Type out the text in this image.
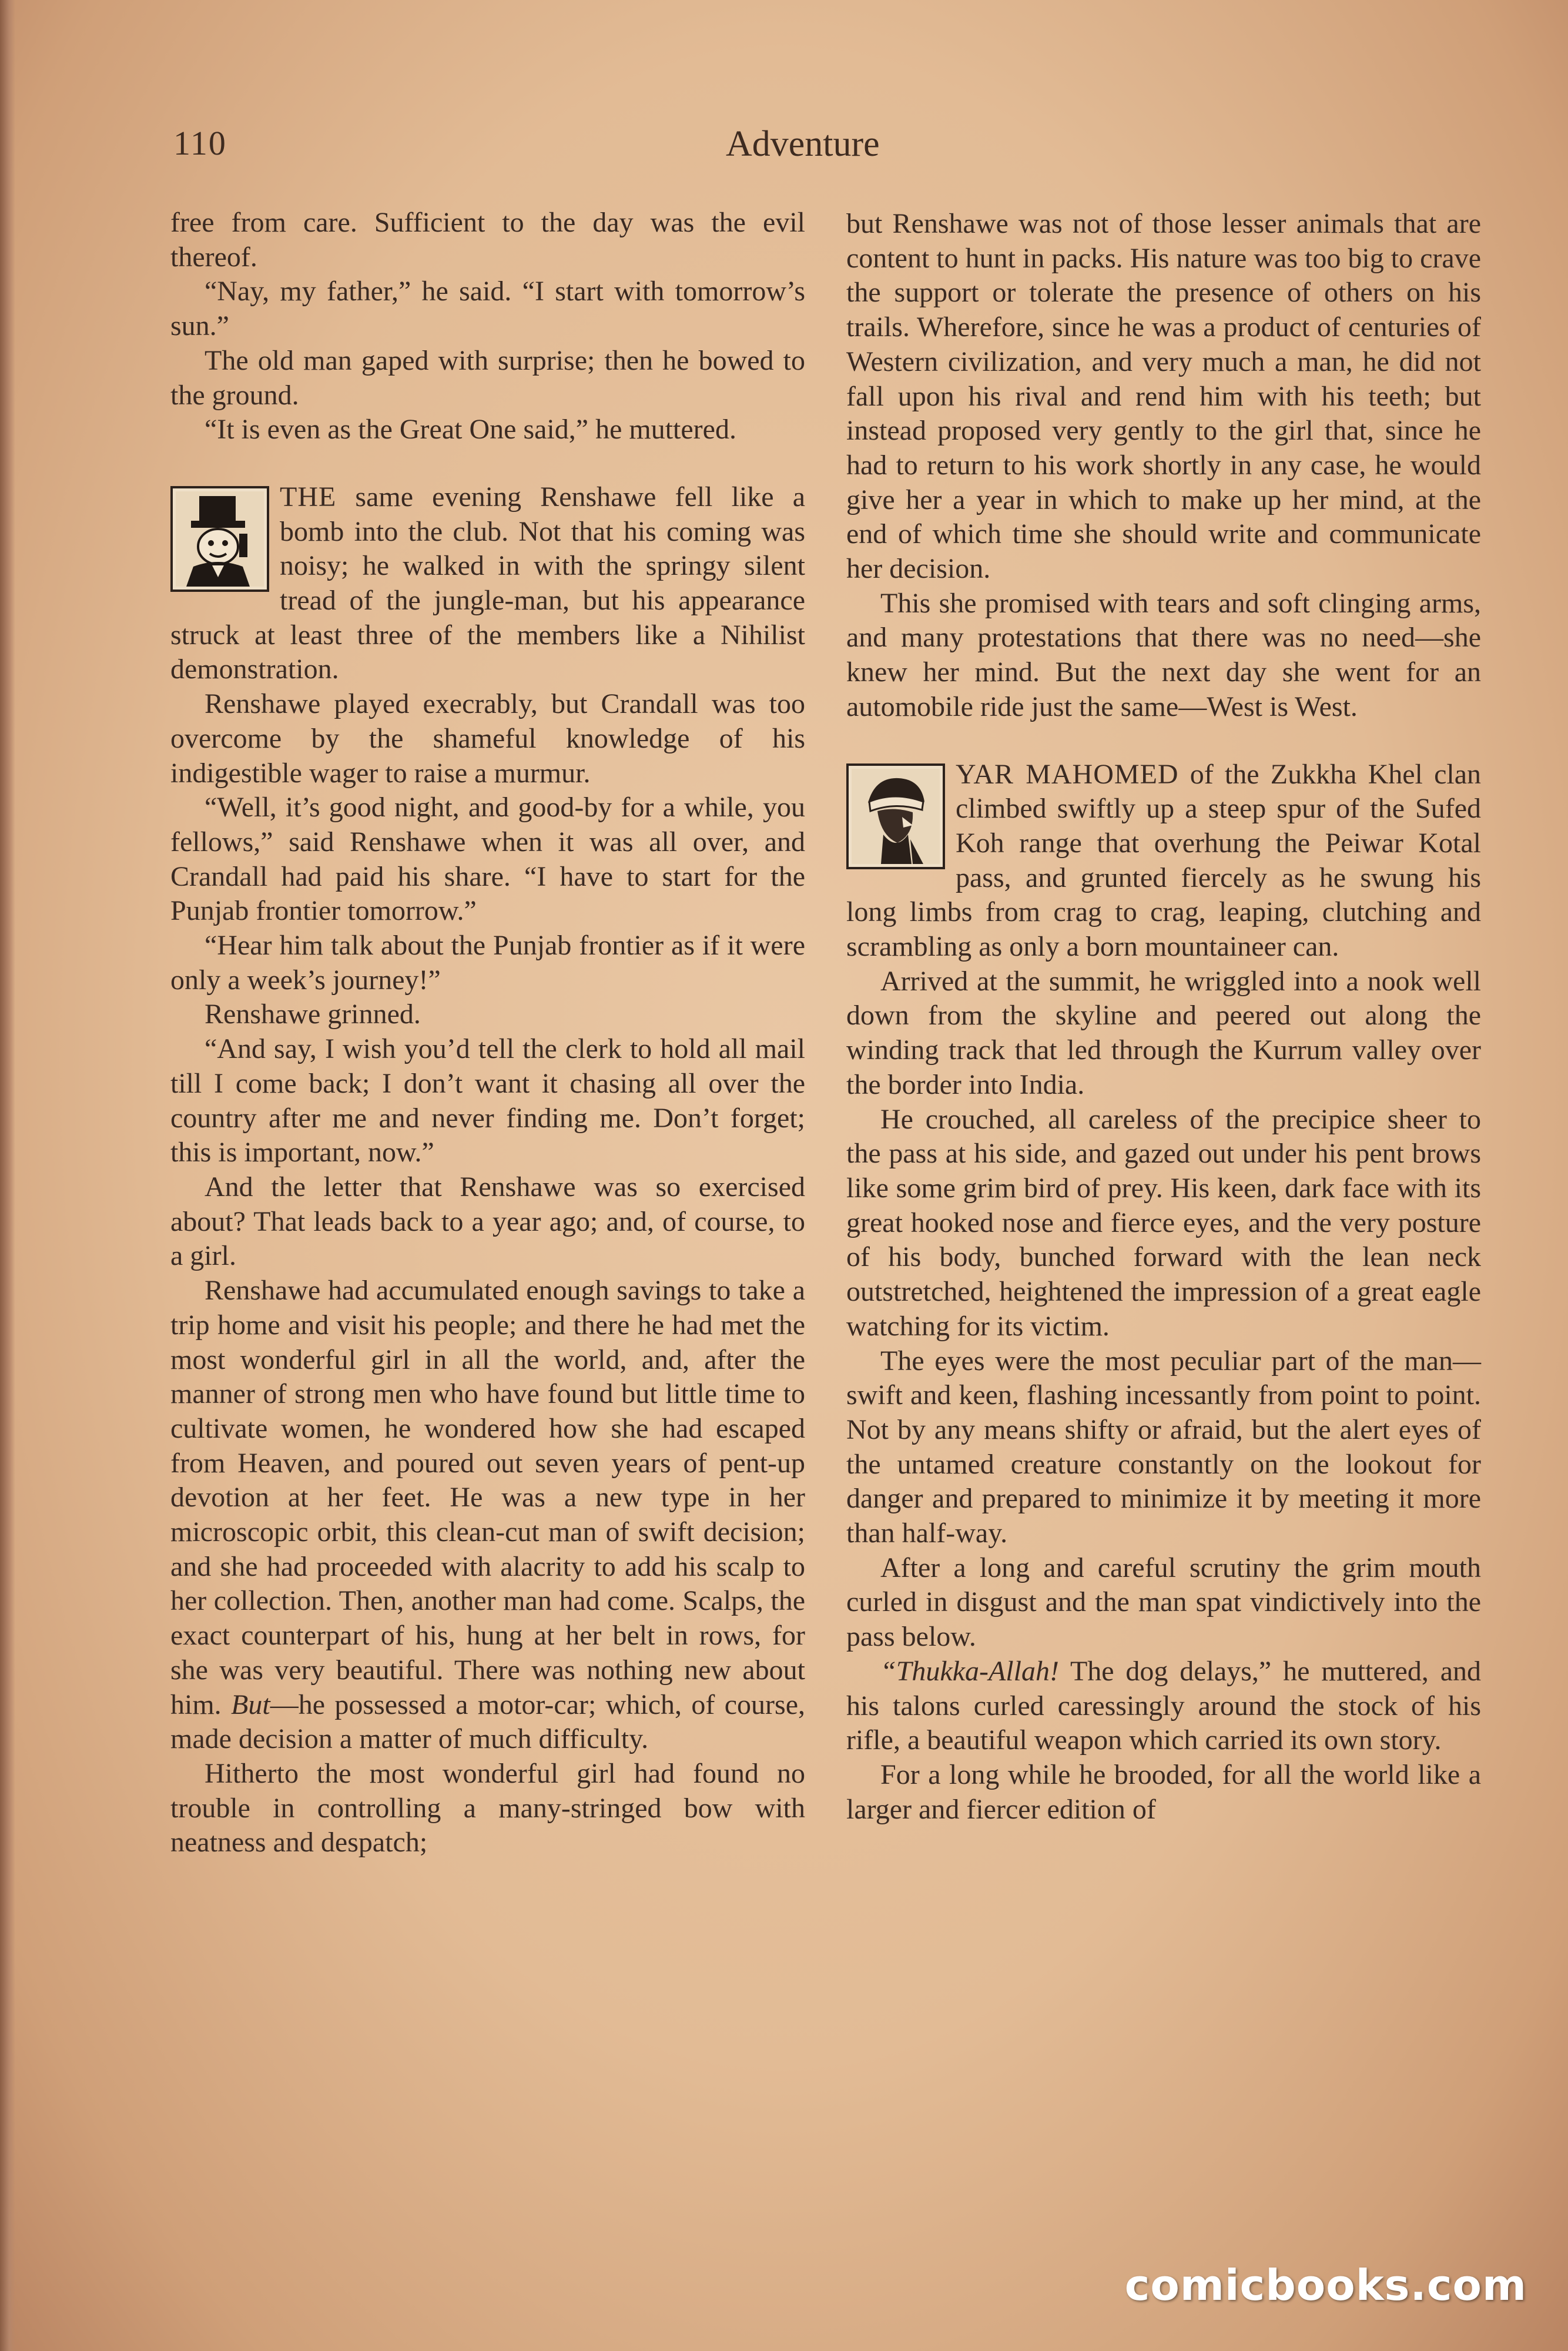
110	Adventure

free from care. Sufficient to the day was the evil thereof.

“Nay, my father,” he said. “I start with tomorrow’s sun.”

The old man gaped with surprise; then he bowed to the ground.

“It is even as the Great One said,” he muttered.

THE same evening Renshawe fell like a bomb into the club. Not that his coming was noisy; he walked in with the springy silent tread of the jungle-man, but his appearance struck at least three of the members like a Nihilist demonstration.

Renshawe played execrably, but Crandall was too overcome by the shameful knowledge of his indigestible wager to raise a murmur.

“Well, it’s good night, and good-by for a while, you fellows,” said Renshawe when it was all over, and Crandall had paid his share. “I have to start for the Punjab frontier tomorrow.”

“Hear him talk about the Punjab frontier as if it were only a week’s journey!”

Renshawe grinned.

“And say, I wish you’d tell the clerk to hold all mail till I come back; I don’t want it chasing all over the country after me and never finding me. Don’t forget; this is important, now.”

And the letter that Renshawe was so exercised about? That leads back to a year ago; and, of course, to a girl.

Renshawe had accumulated enough savings to take a trip home and visit his people; and there he had met the most wonderful girl in all the world, and, after the manner of strong men who have found but little time to cultivate women, he wondered how she had escaped from Heaven, and poured out seven years of pent-up devotion at her feet. He was a new type in her microscopic orbit, this clean-cut man of swift decision; and she had proceeded with alacrity to add his scalp to her collection. Then, another man had come. Scalps, the exact counterpart of his, hung at her belt in rows, for she was very beautiful. There was nothing new about him. But—he possessed a motor-car; which, of course, made decision a matter of much difficulty.

Hitherto the most wonderful girl had found no trouble in controlling a many-stringed bow with neatness and despatch;

but Renshawe was not of those lesser animals that are content to hunt in packs. His nature was too big to crave the support or tolerate the presence of others on his trails. Wherefore, since he was a product of centuries of Western civilization, and very much a man, he did not fall upon his rival and rend him with his teeth; but instead proposed very gently to the girl that, since he had to return to his work shortly in any case, he would give her a year in which to make up her mind, at the end of which time she should write and communicate her decision.

This she promised with tears and soft clinging arms, and many protestations that there was no need—she knew her mind. But the next day she went for an automobile ride just the same—West is West.

YAR MAHOMED of the Zukkha Khel clan climbed swiftly up a steep spur of the Sufed Koh range that overhung the Peiwar Kotal pass, and grunted fiercely as he swung his long limbs from crag to crag, leaping, clutching and scrambling as only a born mountaineer can.

Arrived at the summit, he wriggled into a nook well down from the skyline and peered out along the winding track that led through the Kurrum valley over the border into India.

He crouched, all careless of the precipice sheer to the pass at his side, and gazed out under his pent brows like some grim bird of prey. His keen, dark face with its great hooked nose and fierce eyes, and the very posture of his body, bunched forward with the lean neck outstretched, heightened the impression of a great eagle watching for its victim.

The eyes were the most peculiar part of the man—swift and keen, flashing incessantly from point to point. Not by any means shifty or afraid, but the alert eyes of the untamed creature constantly on the lookout for danger and prepared to minimize it by meeting it more than half-way.

After a long and careful scrutiny the grim mouth curled in disgust and the man spat vindictively into the pass below.

“Thukka-Allah! The dog delays,” he muttered, and his talons curled caressingly around the stock of his rifle, a beautiful weapon which carried its own story.

For a long while he brooded, for all the world like a larger and fiercer edition of

comicbooks.com
